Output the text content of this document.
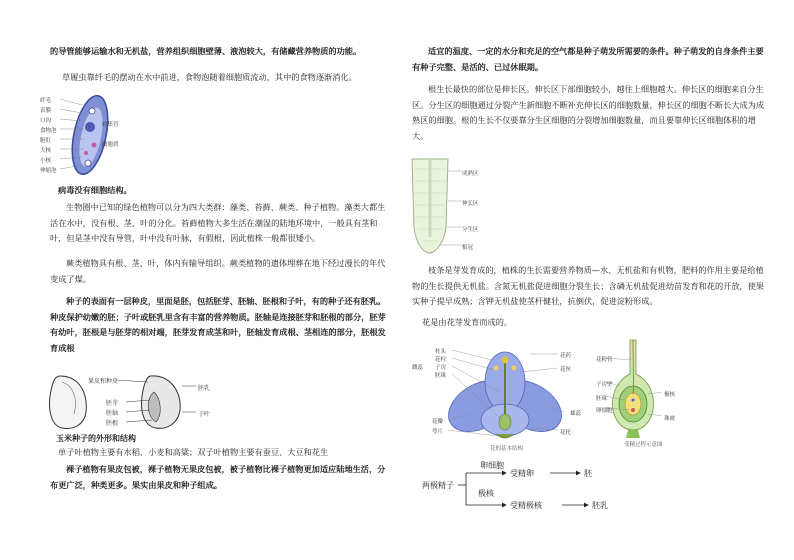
的导管能够运输水和无机盐，营养组织细胞壁薄、液泡较大，有储藏营养物质的功能。
草履虫靠纤毛的摆动在水中前进，食物泡随着细胞质流动，其中的食物逐渐消化。
纤毛
表膜
口沟
食物泡
胞肛
大核
小核
伸缩泡
收集管
细胞质
病毒没有细胞结构。
生物圈中已知的绿色植物可以分为四大类群：藻类、苔藓、蕨类、种子植物。藻类大都生活在水中，没有根、茎、叶的分化。苔藓植物大多生活在潮湿的陆地环境中，一般具有茎和叶，但是茎中没有导管，叶中没有叶脉，有假根，因此植株一般都很矮小。
蕨类植物具有根、茎、叶，体内有输导组织。蕨类植物的遗体埋葬在地下经过漫长的年代变成了煤。
种子的表面有一层种皮，里面是胚，包括胚芽、胚轴、胚根和子叶，有的种子还有胚乳。种皮保护幼嫩的胚；子叶或胚乳里含有丰富的营养物质。胚轴是连接胚芽和胚根的部分，胚芽有幼叶，胚根是与胚芽的相对端，胚芽发育成茎和叶，胚轴发育成根、茎相连的部分，胚根发育成根
果皮和种皮
胚乳
胚芽
胚轴	子叶
胚根
玉米种子的外形和结构
单子叶植物主要有水稻、小麦和高粱；双子叶植物主要有蚕豆、大豆和花生
裸子植物有果皮包被，裸子植物无果皮包被，被子植物比裸子植物更加适应陆地生活，分布更广泛，种类更多。果实由果皮和种子组成。
适宜的温度、一定的水分和充足的空气都是种子萌发所需要的条件。种子萌发的自身条件主要有种子完整、是活的、已过休眠期。
根生长最快的部位是伸长区。伸长区下部细胞较小，越往上细胞越大。伸长区的细胞来自分生区。分生区的细胞通过分裂产生新细胞不断补充伸长区的细胞数量，伸长区的细胞不断长大成为成熟区的细胞。根的生长不仅要靠分生区细胞的分裂增加细胞数量，而且要靠伸长区细胞体积的增大。
成熟区
伸长区
分生区
根冠
枝条是芽发育成的，植株的生长需要营养物质—水、无机盐和有机物，肥料的作用主要是给植物的生长提供无机盐。含氮无机盐促进细胞分裂生长；含磷无机盐促进幼苗发育和花的开放，使果实种子提早成熟；含钾无机盐使茎杆健壮，抗倒伏，促进淀粉形成。
花是由花芽发育而成的。
柱头
花柱
子房
胚珠
花瓣
萼片	花托
花药
花丝
雄蕊
雌蕊
花的基本结构
花粉管
子房壁
胚珠
卵细胞
极核
珠被
受精过程示意图
两极精子
卵细胞
受精卵	胚
极核
受精极核	胚乳
